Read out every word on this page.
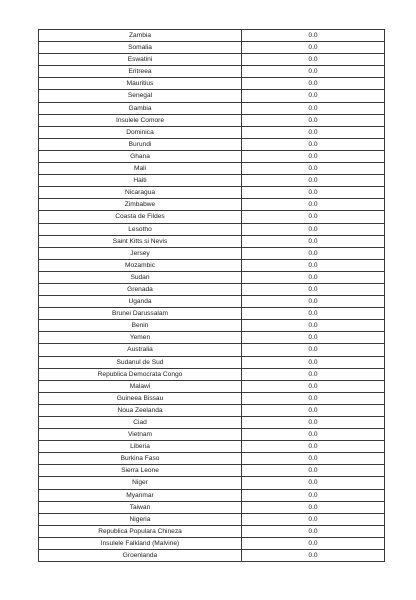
Zambia	0.0
Somalia	0.0
Eswatini	0.0
Eritreea	0.0
Mauritius	0.0
Senegal	0.0
Gambia	0.0
Insulele Comore	0.0
Dominica	0.0
Burundi	0.0
Ghana	0.0
Mali	0.0
Haiti	0.0
Nicaragua	0.0
Zimbabwe	0.0
Coasta de Fildes	0.0
Lesotho	0.0
Saint Kitts si Nevis	0.0
Jersey	0.0
Mozambic	0.0
Sudan	0.0
Grenada	0.0
Uganda	0.0
Brunei Darussalam	0.0
Benin	0.0
Yemen	0.0
Australia	0.0
Sudanul de Sud	0.0
Republica Democrata Congo	0.0
Malawi	0.0
Guineea Bissau	0.0
Noua Zeelanda	0.0
Ciad	0.0
Vietnam	0.0
Liberia	0.0
Burkina Faso	0.0
Sierra Leone	0.0
Niger	0.0
Myanmar	0.0
Taiwan	0.0
Nigeria	0.0
Republica Populara Chineza	0.0
Insulele Falkland (Malvine)	0.0
Groenlanda	0.0
